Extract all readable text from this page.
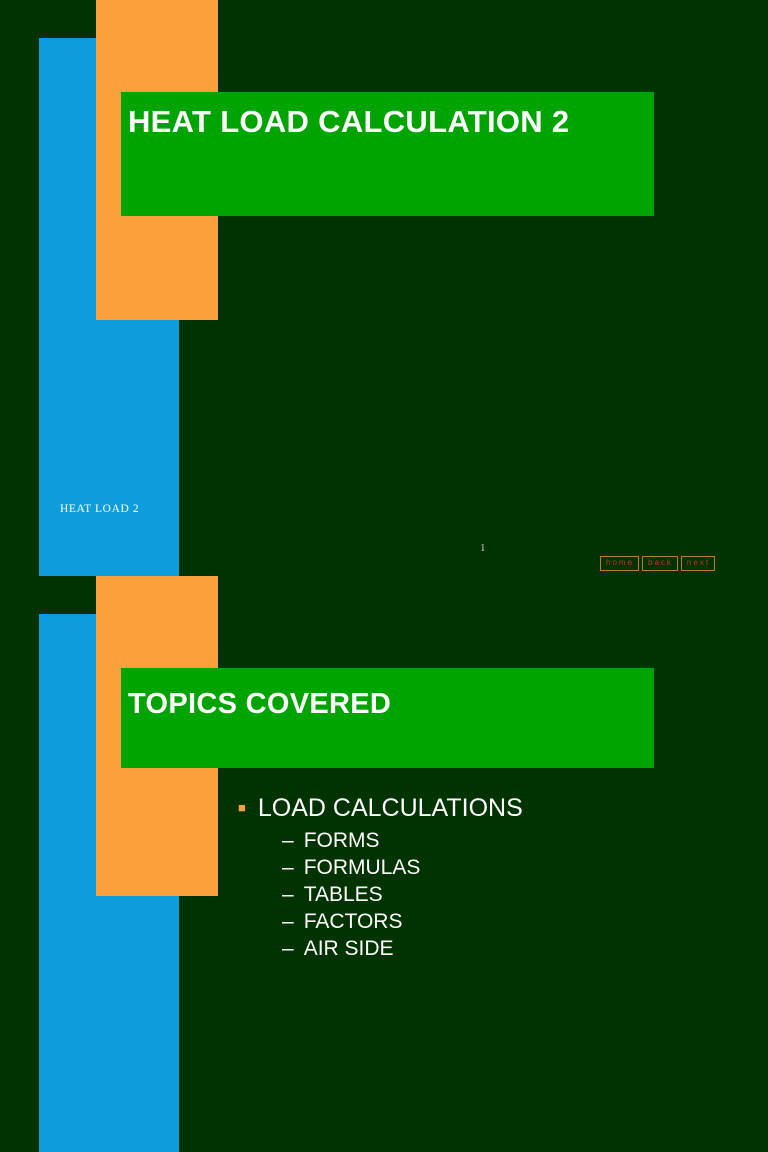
HEAT LOAD CALCULATION 2
HEAT LOAD 2
1
home	back	next
TOPICS COVERED
■ LOAD CALCULATIONS
– FORMS
– FORMULAS
– TABLES
– FACTORS
– AIR SIDE
